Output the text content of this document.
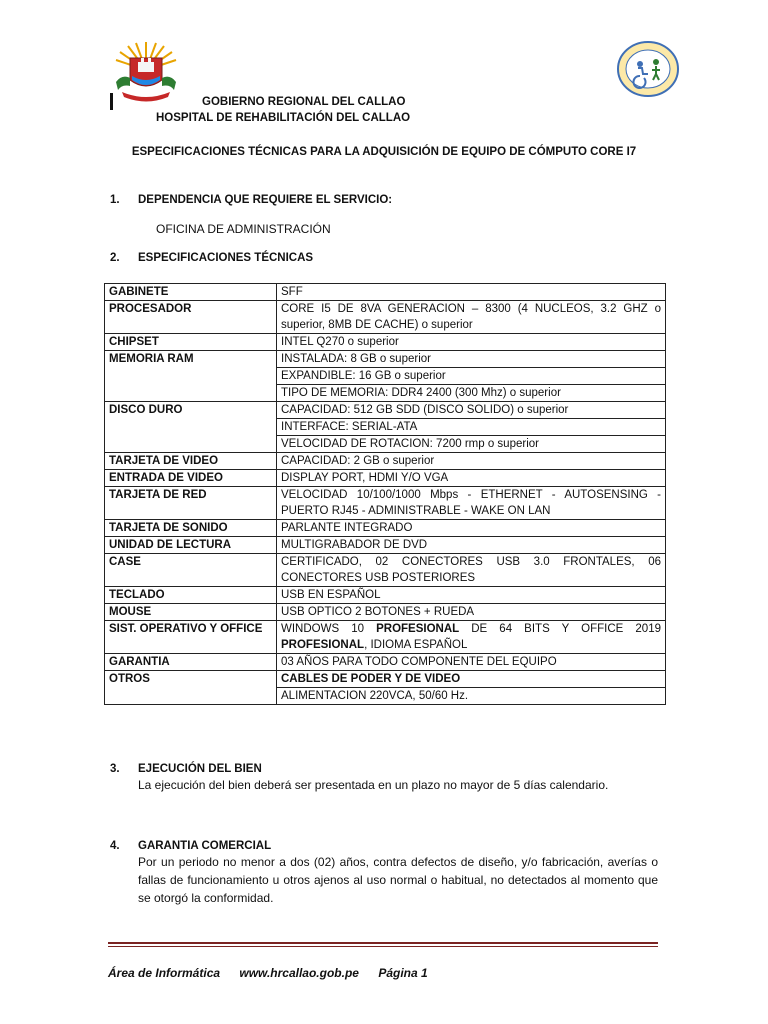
GOBIERNO REGIONAL DEL CALLAO
HOSPITAL DE REHABILITACIÓN DEL CALLAO
ESPECIFICACIONES TÉCNICAS PARA LA ADQUISICIÓN DE EQUIPO DE CÓMPUTO CORE I7
1. DEPENDENCIA QUE REQUIERE EL SERVICIO:
OFICINA DE ADMINISTRACIÓN
2. ESPECIFICACIONES TÉCNICAS
GABINETE	SFF
PROCESADOR	CORE I5 DE 8VA GENERACION – 8300 (4 NUCLEOS, 3.2 GHZ o superior, 8MB DE CACHE) o superior
CHIPSET	INTEL Q270 o superior
MEMORIA RAM	INSTALADA: 8 GB o superior
	EXPANDIBLE: 16 GB o superior
	TIPO DE MEMORIA: DDR4 2400 (300 Mhz) o superior
DISCO DURO	CAPACIDAD: 512 GB SDD (DISCO SOLIDO) o superior
	INTERFACE: SERIAL-ATA
	VELOCIDAD DE ROTACION: 7200 rmp o superior
TARJETA DE VIDEO	CAPACIDAD: 2 GB o superior
ENTRADA DE VIDEO	DISPLAY PORT, HDMI Y/O VGA
TARJETA DE RED	VELOCIDAD 10/100/1000 Mbps - ETHERNET - AUTOSENSING - PUERTO RJ45 - ADMINISTRABLE - WAKE ON LAN
TARJETA DE SONIDO	PARLANTE INTEGRADO
UNIDAD DE LECTURA	MULTIGRABADOR DE DVD
CASE	CERTIFICADO, 02 CONECTORES USB 3.0 FRONTALES, 06 CONECTORES USB POSTERIORES
TECLADO	USB EN ESPAÑOL
MOUSE	USB OPTICO 2 BOTONES + RUEDA
SIST. OPERATIVO Y OFFICE	WINDOWS 10 PROFESIONAL DE 64 BITS Y OFFICE 2019 PROFESIONAL, IDIOMA ESPAÑOL
GARANTIA	03 AÑOS PARA TODO COMPONENTE DEL EQUIPO
OTROS	CABLES DE PODER Y DE VIDEO
	ALIMENTACION 220VCA, 50/60 Hz.
3. EJECUCIÓN DEL BIEN
La ejecución del bien deberá ser presentada en un plazo no mayor de 5 días calendario.
4. GARANTIA COMERCIAL
Por un periodo no menor a dos (02) años, contra defectos de diseño, y/o fabricación, averías o fallas de funcionamiento u otros ajenos al uso normal o habitual, no detectados al momento que se otorgó la conformidad.
Área de Informática www.hrcallao.gob.pe Página 1
